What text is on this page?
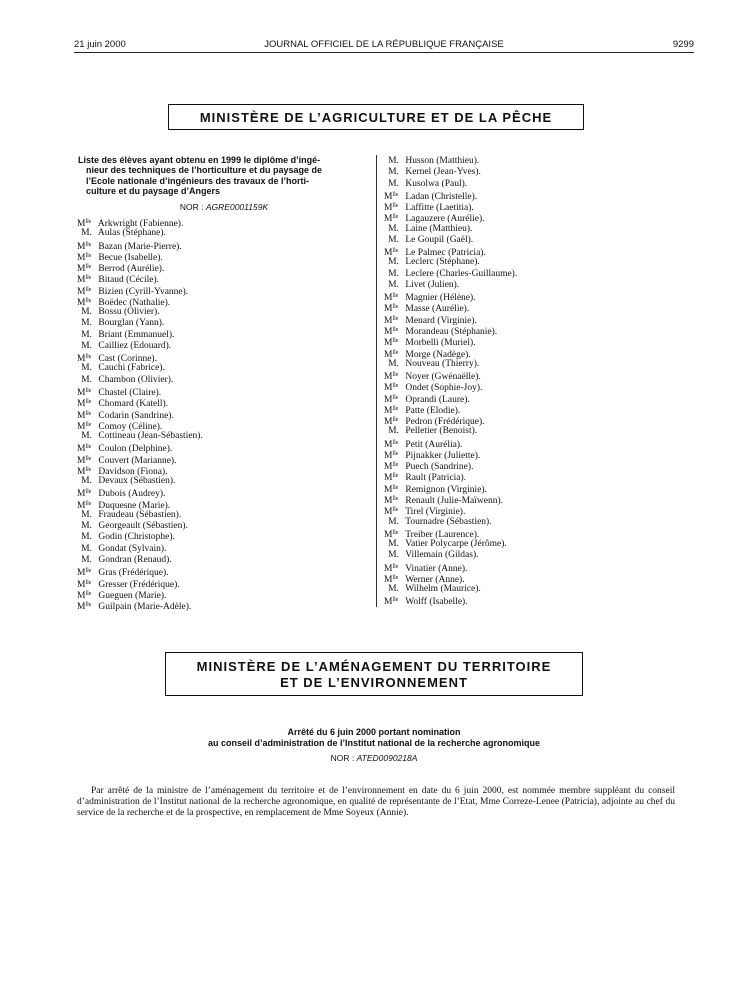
21 juin 2000	JOURNAL OFFICIEL DE LA RÉPUBLIQUE FRANÇAISE	9299
MINISTÈRE DE L’AGRICULTURE ET DE LA PÊCHE
Liste des élèves ayant obtenu en 1999 le diplôme d’ingé-
nieur des techniques de l’horticulture et du paysage de
l’Ecole nationale d’ingénieurs des travaux de l’horti-
culture et du paysage d’Angers
NOR : AGRE0001159K
$M^{lle}$ Arkwright (Fabienne).
M. Aulas (Stéphane).
$M^{lle}$ Bazan (Marie-Pierre).
$M^{lle}$ Becue (Isabelle).
$M^{lle}$ Berrod (Aurélie).
$M^{lle}$ Bitaud (Cécile).
$M^{lle}$ Bizien (Cyrill-Yvanne).
$M^{lle}$ Boëdec (Nathalie).
M. Bossu (Olivier).
M. Bourglan (Yann).
M. Briant (Emmanuel).
M. Cailliez (Edouard).
$M^{lle}$ Cast (Corinne).
M. Cauchi (Fabrice).
M. Chambon (Olivier).
$M^{lle}$ Chastel (Claire).
$M^{lle}$ Chomard (Katell).
$M^{lle}$ Codarin (Sandrine).
$M^{lle}$ Comoy (Céline).
M. Cottineau (Jean-Sébastien).
$M^{lle}$ Coulon (Delphine).
$M^{lle}$ Couvert (Marianne).
$M^{lle}$ Davidson (Fiona).
M. Devaux (Sébastien).
$M^{lle}$ Dubois (Audrey).
$M^{lle}$ Duquesne (Marie).
M. Fraudeau (Sébastien).
M. Georgeault (Sébastien).
M. Godin (Christophe).
M. Gondat (Sylvain).
M. Gondran (Renaud).
$M^{lle}$ Gras (Frédérique).
$M^{lle}$ Gresser (Frédérique).
$M^{lle}$ Gueguen (Marie).
$M^{lle}$ Guilpain (Marie-Adèle).
M. Husson (Matthieu).
M. Kernel (Jean-Yves).
M. Kusolwa (Paul).
$M^{lle}$ Ladan (Christelle).
$M^{lle}$ Laffitte (Laetitia).
$M^{lle}$ Lagauzere (Aurélie).
M. Laine (Matthieu).
M. Le Goupil (Gaël).
$M^{lle}$ Le Palmec (Patricia).
M. Leclerc (Stéphane).
M. Leclere (Charles-Guillaume).
M. Livet (Julien).
$M^{lle}$ Magnier (Hélène).
$M^{lle}$ Masse (Aurélie).
$M^{lle}$ Menard (Virginie).
$M^{lle}$ Morandeau (Stéphanie).
$M^{lle}$ Morbelli (Muriel).
$M^{lle}$ Morge (Nadège).
M. Nouveau (Thierry).
$M^{lle}$ Noyer (Gwénaëlle).
$M^{lle}$ Ondet (Sophie-Joy).
$M^{lle}$ Oprandi (Laure).
$M^{lle}$ Patte (Elodie).
$M^{lle}$ Pedron (Frédérique).
M. Pelletier (Benoist).
$M^{lle}$ Petit (Aurélia).
$M^{lle}$ Pijnakker (Juliette).
$M^{lle}$ Puech (Sandrine).
$M^{lle}$ Rault (Patricia).
$M^{lle}$ Remignon (Virginie).
$M^{lle}$ Renault (Julie-Maïwenn).
$M^{lle}$ Tirel (Virginie).
M. Tournadre (Sébastien).
$M^{lle}$ Treiber (Laurence).
M. Vatier Polycarpe (Jérôme).
M. Villemain (Gildas).
$M^{lle}$ Vinatier (Anne).
$M^{lle}$ Werner (Anne).
M. Wilhelm (Maurice).
$M^{lle}$ Wolff (Isabelle).
MINISTÈRE DE L’AMÉNAGEMENT DU TERRITOIRE
ET DE L’ENVIRONNEMENT
Arrêté du 6 juin 2000 portant nomination
au conseil d’administration de l’Institut national de la recherche agronomique
NOR : ATED0090218A

Par arrêté de la ministre de l’aménagement du territoire et de l’environnement en date du 6 juin 2000, est nommée membre suppléant du conseil d’administration de l’Institut national de la recherche agronomique, en qualité de représentante de l’Etat, Mme Correze-Lenee (Patricia), adjointe au chef du service de la recherche et de la prospective, en remplacement de Mme Soyeux (Annie).
